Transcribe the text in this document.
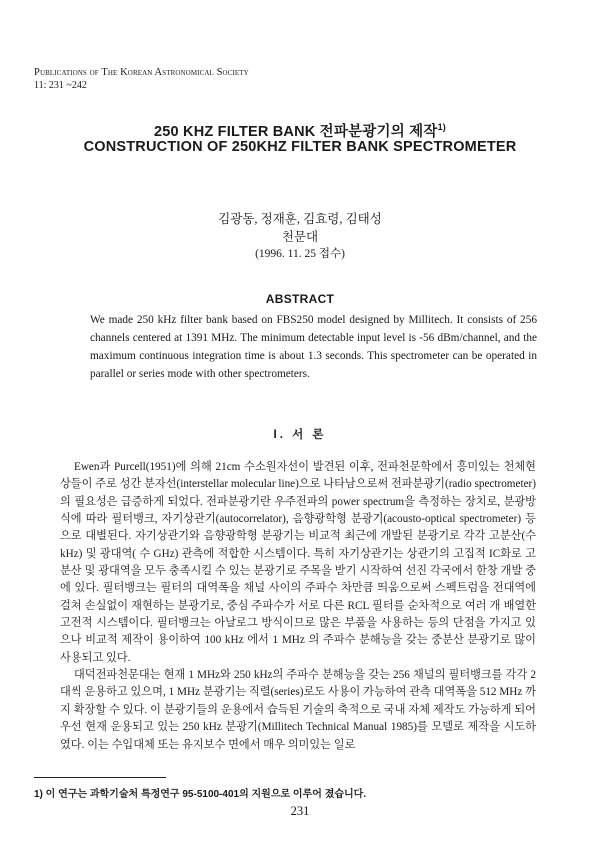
Publications of The Korean Astronomical Society
11: 231 ~242
250 KHZ FILTER BANK 전파분광기의 제작$^{1)}$
CONSTRUCTION OF 250KHZ FILTER BANK SPECTROMETER
김광동, 정재훈, 김효령, 김태성
천문대
(1996. 11. 25 접수)
ABSTRACT

We made 250 kHz filter bank based on FBS250 model designed by Millitech. It consists of 256 channels centered at 1391 MHz. The minimum detectable input level is -56 dBm/channel, and the maximum continuous integration time is about 1.3 seconds. This spectrometer can be operated in parallel or series mode with other spectrometers.

I. 서 론

Ewen과 Purcell(1951)에 의해 21cm 수소원자선이 발견된 이후, 전파천문학에서 흥미있는 천체현상들이 주로 성간 분자선(interstellar molecular line)으로 나타남으로써 전파분광기(radio spectrometer)의 필요성은 급증하게 되었다. 전파분광기란 우주전파의 power spectrum을 측정하는 장치로, 분광방식에 따라 필터뱅크, 자기상관기(autocorrelator), 음향광학형 분광기(acousto-optical spectrometer) 등으로 대별된다. 자기상관기와 음향광학형 분광기는 비교적 최근에 개발된 분광기로 각각 고분산(수 kHz) 및 광대역( 수 GHz) 관측에 적합한 시스템이다. 특히 자기상관기는 상관기의 고집적 IC화로 고분산 및 광대역을 모두 충족시킬 수 있는 분광기로 주목을 받기 시작하여 선진 각국에서 한창 개발 중에 있다. 필터뱅크는 필터의 대역폭을 채널 사이의 주파수 차만큼 띄움으로써 스펙트럼을 전대역에 걸쳐 손실없이 재현하는 분광기로, 중심 주파수가 서로 다른 RCL 필터를 순차적으로 여러 개 배열한 고전적 시스템이다. 필터뱅크는 아날로그 방식이므로 많은 부품을 사용하는 등의 단점을 가지고 있으나 비교적 제작이 용이하여 100 kHz 에서 1 MHz 의 주파수 분해능을 갖는 중분산 분광기로 많이 사용되고 있다.

대덕전파천문대는 현재 1 MHz와 250 kHz의 주파수 분해능을 갖는 256 채널의 필터뱅크를 각각 2대씩 운용하고 있으며, 1 MHz 분광기는 직렬(series)로도 사용이 가능하여 관측 대역폭을 512 MHz 까지 확장할 수 있다. 이 분광기들의 운용에서 습득된 기술의 축적으로 국내 자체 제작도 가능하게 되어 우선 현재 운용되고 있는 250 kHz 분광기(Millitech Technical Manual 1985)를 모델로 제작을 시도하였다. 이는 수입대체 또는 유지보수 면에서 매우 의미있는 일로

1) 이 연구는 과학기술처 특정연구 95-5100-401의 지원으로 이루어 졌습니다.
231
